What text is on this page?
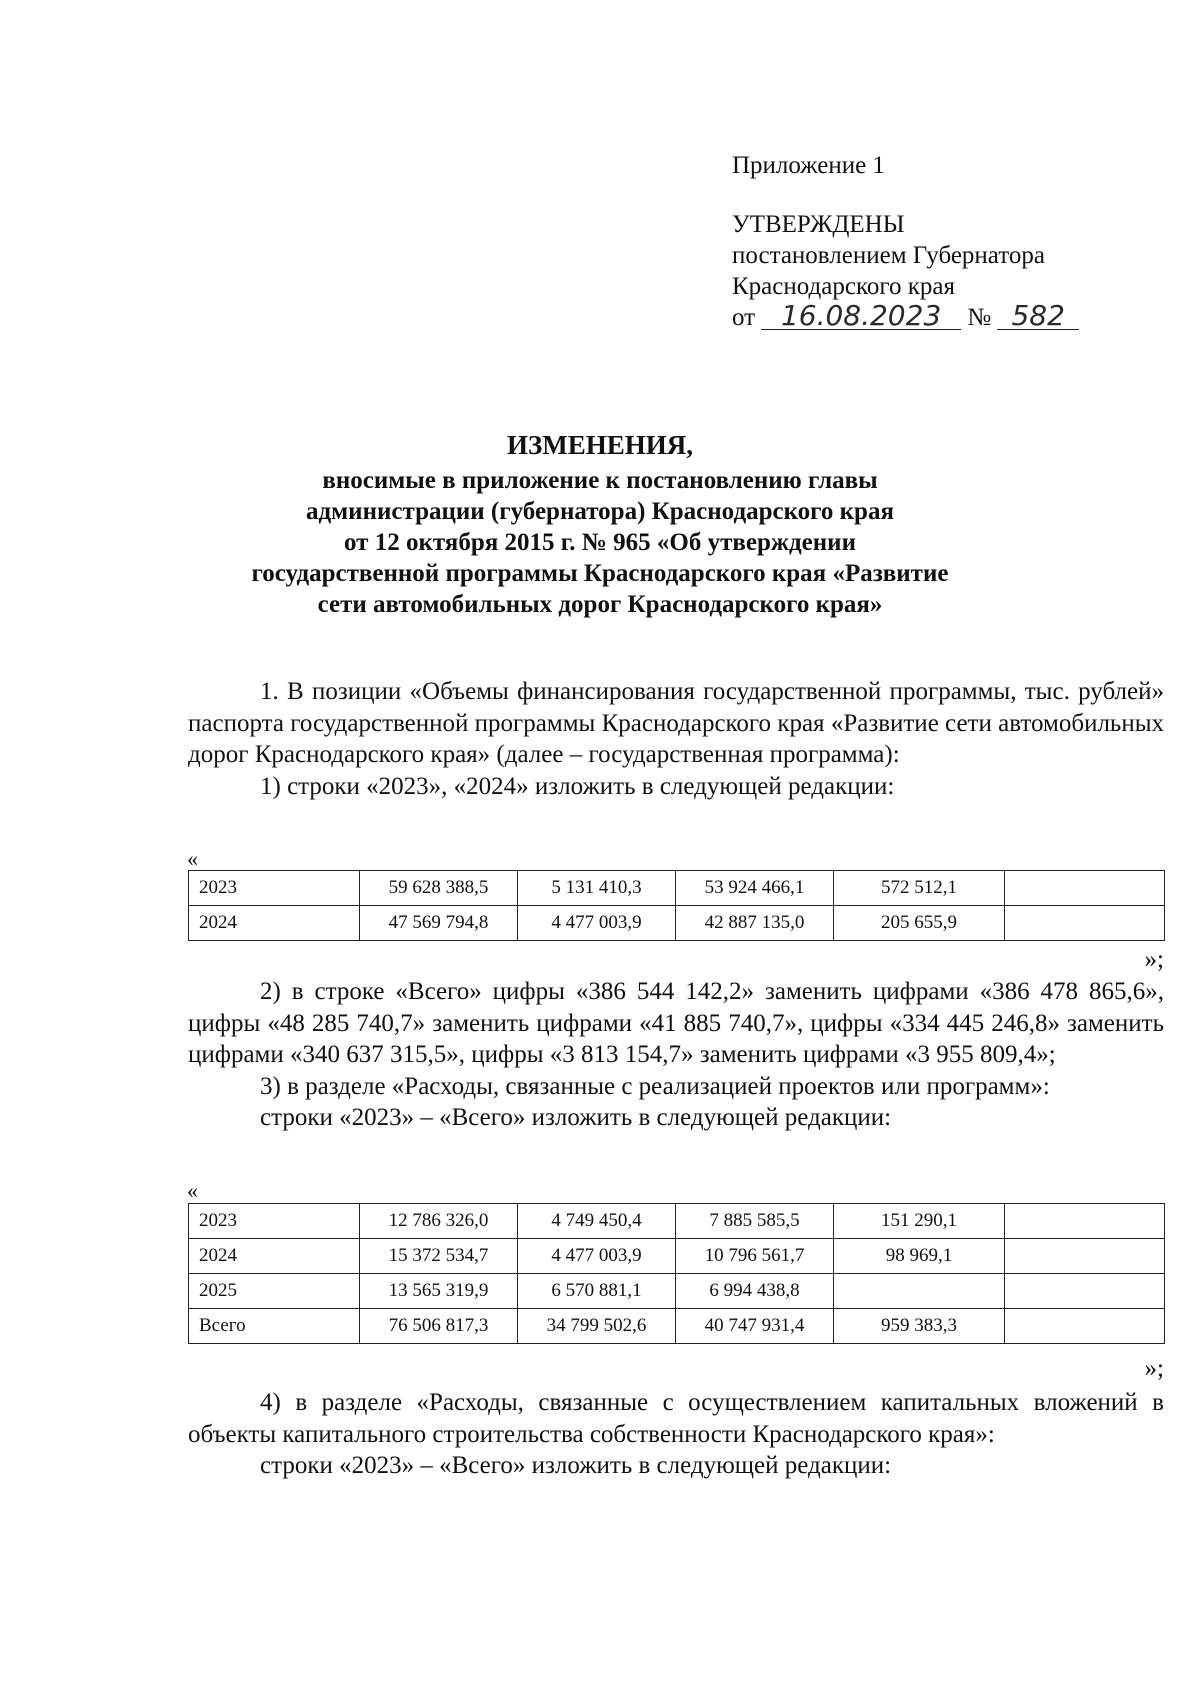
Приложение 1
УТВЕРЖДЕНЫ
постановлением Губернатора
Краснодарского края
от 16.08.2023 № 582
ИЗМЕНЕНИЯ,
вносимые в приложение к постановлению главы
администрации (губернатора) Краснодарского края
от 12 октября 2015 г. № 965 «Об утверждении
государственной программы Краснодарского края «Развитие
сети автомобильных дорог Краснодарского края»

1. В позиции «Объемы финансирования государственной программы, тыс. рублей» паспорта государственной программы Краснодарского края «Развитие сети автомобильных дорог Краснодарского края» (далее – государственная программа):

1) строки «2023», «2024» изложить в следующей редакции:

«
2023	59 628 388,5	5 131 410,3	53 924 466,1	572 512,1	
2024	47 569 794,8	4 477 003,9	42 887 135,0	205 655,9	
»;

2) в строке «Всего» цифры «386 544 142,2» заменить цифрами «386 478 865,6», цифры «48 285 740,7» заменить цифрами «41 885 740,7», цифры «334 445 246,8» заменить цифрами «340 637 315,5», цифры «3 813 154,7» заменить цифрами «3 955 809,4»;

3) в разделе «Расходы, связанные с реализацией проектов или программ»:

строки «2023» – «Всего» изложить в следующей редакции:

«
2023	12 786 326,0	4 749 450,4	7 885 585,5	151 290,1	
2024	15 372 534,7	4 477 003,9	10 796 561,7	98 969,1	
2025	13 565 319,9	6 570 881,1	6 994 438,8		
Всего	76 506 817,3	34 799 502,6	40 747 931,4	959 383,3	
»;

4) в разделе «Расходы, связанные с осуществлением капитальных вложений в объекты капитального строительства собственности Краснодарского края»:

строки «2023» – «Всего» изложить в следующей редакции:
